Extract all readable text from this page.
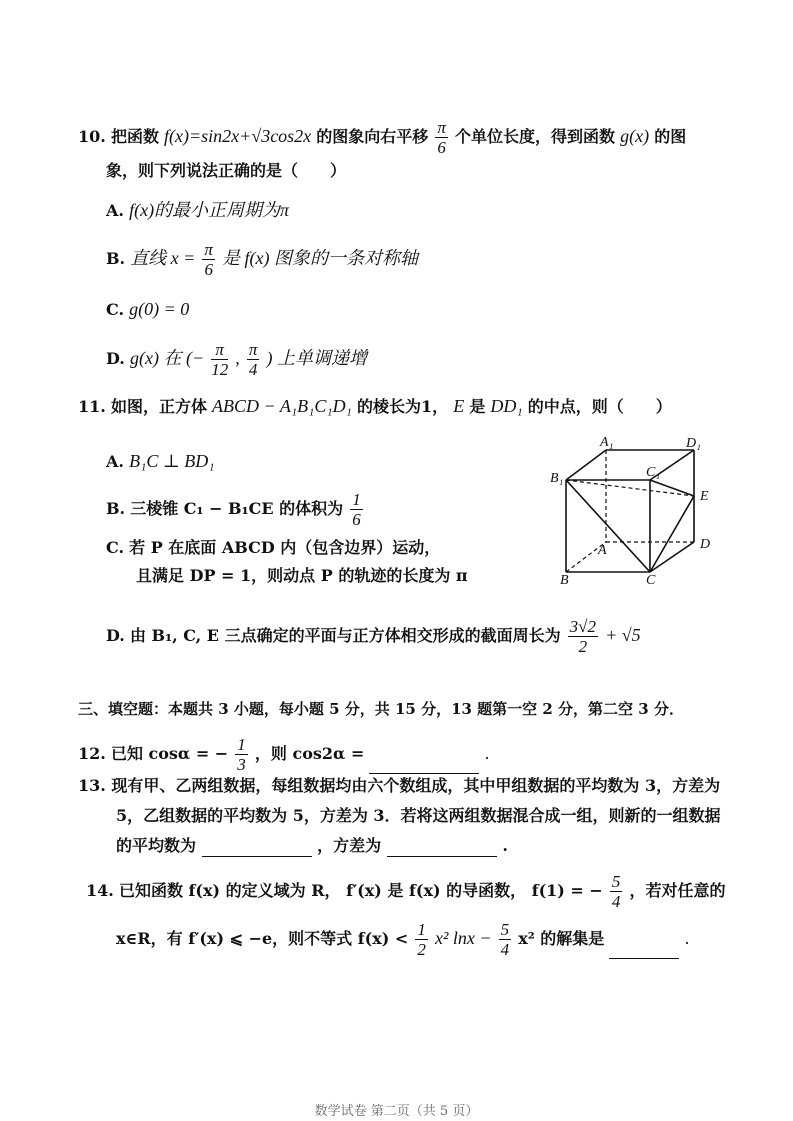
10. 把函数 f(x)=sin2x+√3cos2x 的图象向右平移 $\frac{\pi}{6}$ 个单位长度，得到函数 g(x) 的图
象，则下列说法正确的是（　　）
A. f(x)的最小正周期为π
B. 直线 $x = \frac{\pi}{6}$ 是 f(x) 图象的一条对称轴
C. g(0) = 0
D. g(x) 在 (− $\frac{\pi}{12}$ , $\frac{\pi}{4}$ ) 上单调递增
11. 如图，正方体 ABCD − A₁B₁C₁D₁ 的棱长为1， E 是 DD₁ 的中点，则（　　）
A. B₁C ⊥ BD₁
B. 三棱锥 C₁ − B₁CE 的体积为 $\frac{1}{6}$
C. 若 P 在底面 ABCD 内（包含边界）运动，
且满足 DP = 1，则动点 P 的轨迹的长度为 π
D. 由 B₁, C, E 三点确定的平面与正方体相交形成的截面周长为 $\frac{3√2}{2} + √5$
A₁	D₁
B₁	C₁
E
A	D
B	C
三、填空题：本题共 3 小题，每小题 5 分，共 15 分，13 题第一空 2 分，第二空 3 分．
12. 已知 cosα = − $\frac{1}{3}$ ，则 cos2α =	.
13. 现有甲、乙两组数据，每组数据均由六个数组成，其中甲组数据的平均数为 3，方差为
5，乙组数据的平均数为 5，方差为 3．若将这两组数据混合成一组，则新的一组数据
的平均数为	，方差为	.
14. 已知函数 f(x) 的定义域为 R， f′(x) 是 f(x) 的导函数， f(1) = − $\frac{5}{4}$ ，若对任意的
x∈R，有 f′(x) ⩽ −e，则不等式 $f(x) < \frac{1}{2} x^2$ $\ln x - \frac{5}{4} x^2$ 的解集是	.
数学试卷 第二页（共 5 页）
